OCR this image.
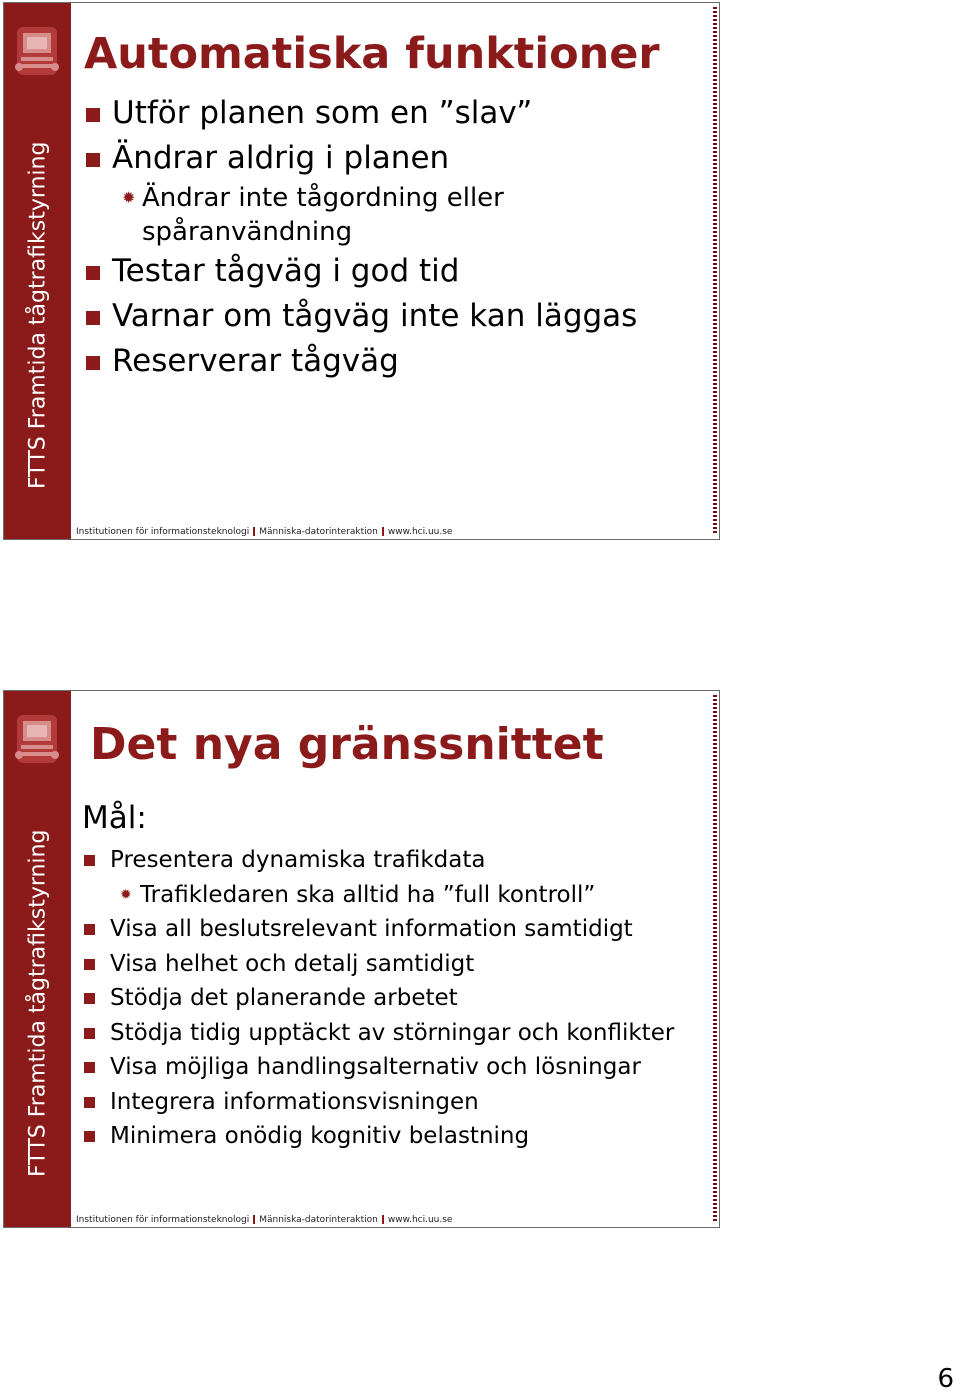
FTTS Framtida tågtrafikstyrning
Automatiska funktioner
Utför planen som en ”slav”
Ändrar aldrig i planen
✹ Ändrar inte tågordning eller
spåranvändning
Testar tågväg i god tid
Varnar om tågväg inte kan läggas
Reserverar tågväg
Institutionen för informationsteknologi Människa-datorinteraktion www.hci.uu.se
FTTS Framtida tågtrafikstyrning
Det nya gränssnittet
Mål:
Presentera dynamiska trafikdata
✹ Trafikledaren ska alltid ha ”full kontroll”
Visa all beslutsrelevant information samtidigt
Visa helhet och detalj samtidigt
Stödja det planerande arbetet
Stödja tidig upptäckt av störningar och konflikter
Visa möjliga handlingsalternativ och lösningar
Integrera informationsvisningen
Minimera onödig kognitiv belastning
Institutionen för informationsteknologi Människa-datorinteraktion www.hci.uu.se
6
